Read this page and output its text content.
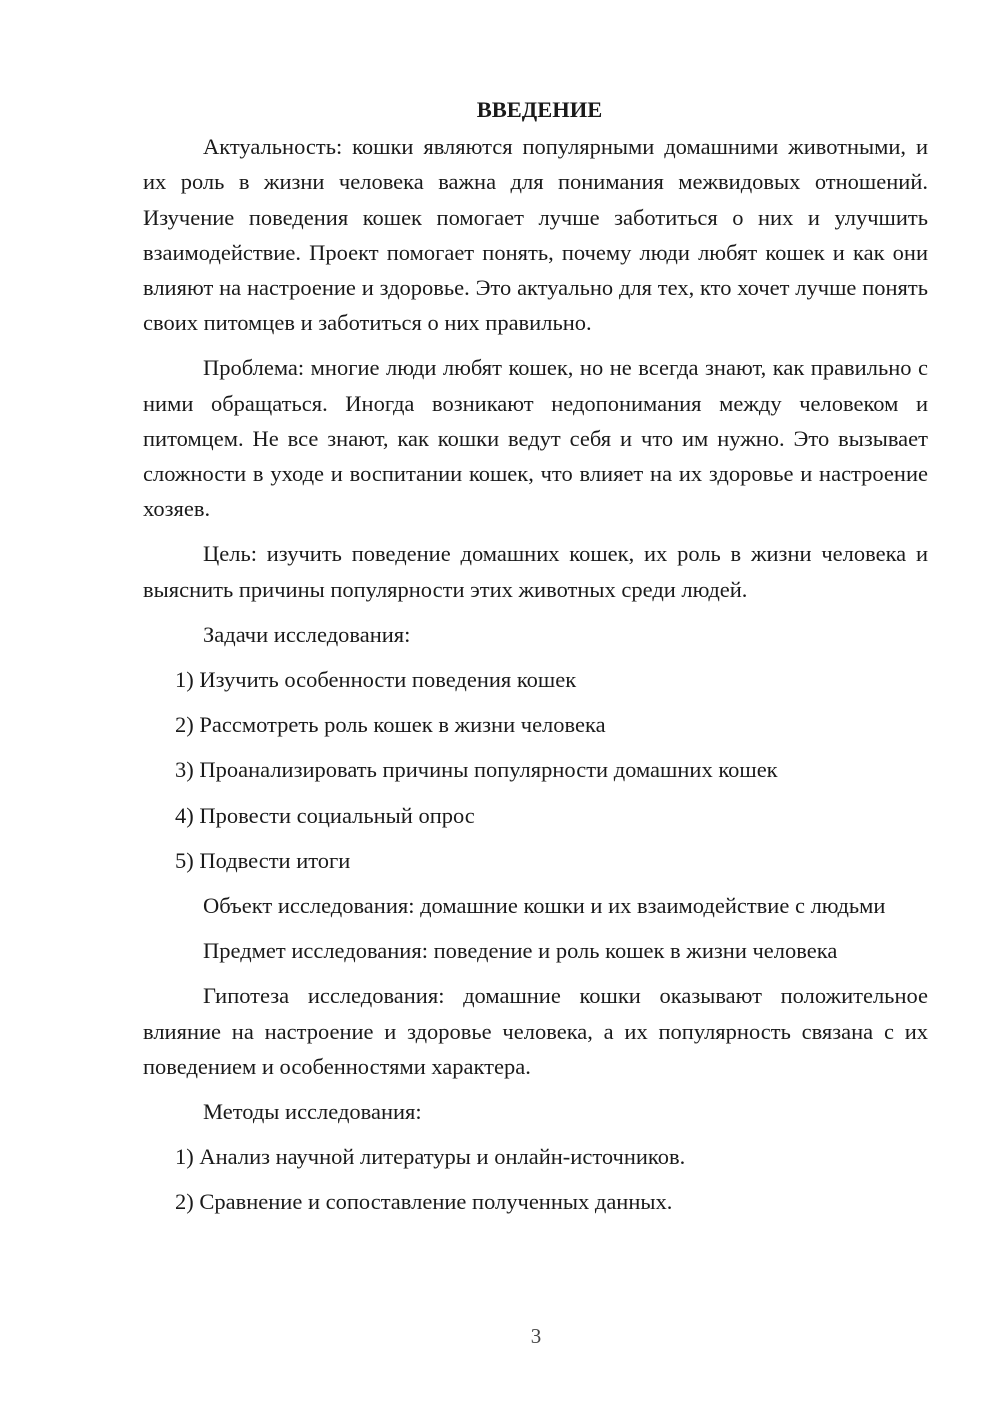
ВВЕДЕНИЕ

Актуальность: кошки являются популярными домашними животными, и их роль в жизни человека важна для понимания межвидовых отношений. Изучение поведения кошек помогает лучше заботиться о них и улучшить взаимодействие. Проект помогает понять, почему люди любят кошек и как они влияют на настроение и здоровье. Это актуально для тех, кто хочет лучше понять своих питомцев и заботиться о них правильно.

Проблема: многие люди любят кошек, но не всегда знают, как правильно с ними обращаться. Иногда возникают недопонимания между человеком и питомцем. Не все знают, как кошки ведут себя и что им нужно. Это вызывает сложности в уходе и воспитании кошек, что влияет на их здоровье и настроение хозяев.

Цель: изучить поведение домашних кошек, их роль в жизни человека и выяснить причины популярности этих животных среди людей.

Задачи исследования:

1) Изучить особенности поведения кошек

2) Рассмотреть роль кошек в жизни человека

3) Проанализировать причины популярности домашних кошек

4) Провести социальный опрос

5) Подвести итоги

Объект исследования: домашние кошки и их взаимодействие с людьми

Предмет исследования: поведение и роль кошек в жизни человека

Гипотеза исследования: домашние кошки оказывают положительное влияние на настроение и здоровье человека, а их популярность связана с их поведением и особенностями характера.

Методы исследования:

1) Анализ научной литературы и онлайн-источников.

2) Сравнение и сопоставление полученных данных.

3
